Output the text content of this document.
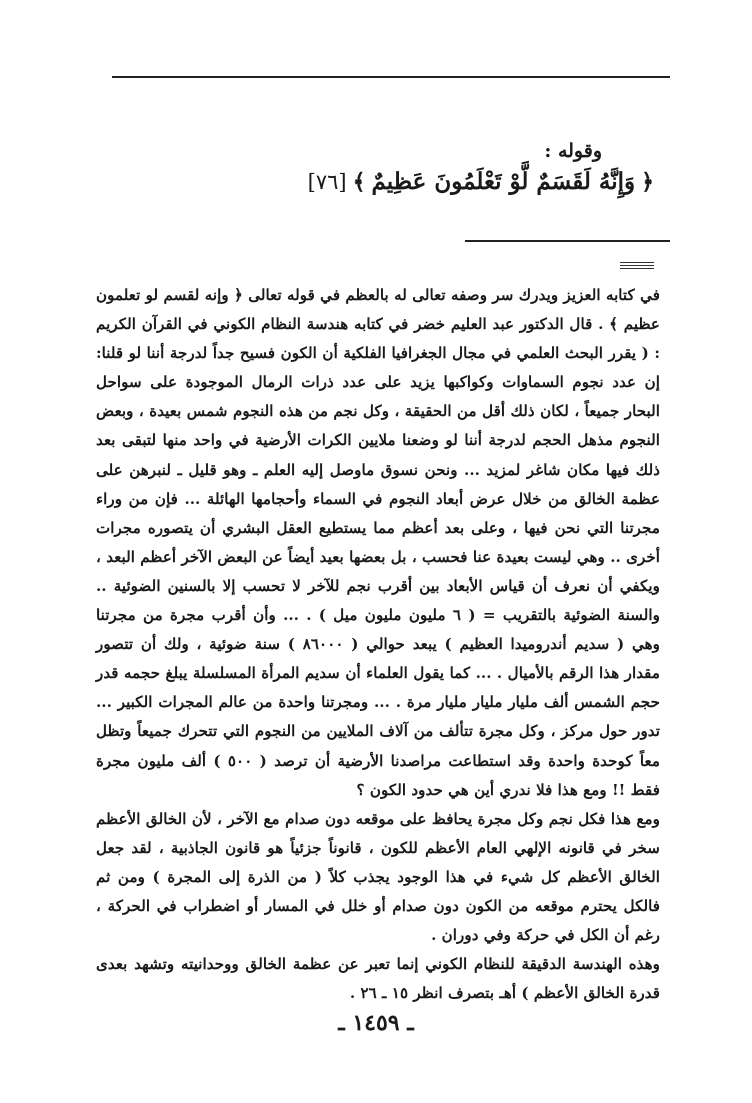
وقوله :
﴿
وَإِنَّهُ لَقَسَمٌ لَّوْ تَعْلَمُونَ عَظِيمٌ
﴾
[٧٦]

في كتابه العزيز ويدرك سر وصفه تعالى له بالعظم في قوله تعالى ﴿ وإنه لقسم لو تعلمون عظيم ﴾ . قال الدكتور عبد العليم خضر في كتابه هندسة النظام الكوني في القرآن الكريم : ( يقرر البحث العلمي في مجال الجغرافيا الفلكية أن الكون فسيح جداً لدرجة أننا لو قلنا: إن عدد نجوم السماوات وكواكبها يزيد على عدد ذرات الرمال الموجودة على سواحل البحار جميعاً ، لكان ذلك أقل من الحقيقة ، وكل نجم من هذه النجوم شمس بعيدة ، وبعض النجوم مذهل الحجم لدرجة أننا لو وضعنا ملايين الكرات الأرضية في واحد منها لتبقى بعد ذلك فيها مكان شاغر لمزيد ... ونحن نسوق ماوصل إليه العلم ـ وهو قليل ـ لنبرهن على عظمة الخالق من خلال عرض أبعاد النجوم في السماء وأحجامها الهائلة ... فإن من وراء مجرتنا التي نحن فيها ، وعلى بعد أعظم مما يستطيع العقل البشري أن يتصوره مجرات أخرى .. وهي ليست بعيدة عنا فحسب ، بل بعضها بعيد أيضاً عن البعض الآخر أعظم البعد ، ويكفي أن نعرف أن قياس الأبعاد بين أقرب نجم للآخر لا تحسب إلا بالسنين الضوئية .. والسنة الضوئية بالتقريب = ( ٦ مليون مليون ميل ) . ... وأن أقرب مجرة من مجرتنا وهي ( سديم أندروميدا العظيم ) يبعد حوالي ( ٨٦٠٠٠ ) سنة ضوئية ، ولك أن تتصور مقدار هذا الرقم بالأميال . ... كما يقول العلماء أن سديم المرأة المسلسلة يبلغ حجمه قدر حجم الشمس ألف مليار مليار مليار مرة . ... ومجرتنا واحدة من عالم المجرات الكبير ... تدور حول مركز ، وكل مجرة تتألف من آلاف الملايين من النجوم التي تتحرك جميعاً وتظل معاً كوحدة واحدة وقد استطاعت مراصدنا الأرضية أن ترصد ( ٥٠٠ ) ألف مليون مجرة فقط !! ومع هذا فلا ندري أين هي حدود الكون ؟

ومع هذا فكل نجم وكل مجرة يحافظ على موقعه دون صدام مع الآخر ، لأن الخالق الأعظم سخر في قانونه الإلهي العام الأعظم للكون ، قانوناً جزئياً هو قانون الجاذبية ، لقد جعل الخالق الأعظم كل شيء في هذا الوجود يجذب كلاً ( من الذرة إلى المجرة ) ومن ثم فالكل يحترم موقعه من الكون دون صدام أو خلل في المسار أو اضطراب في الحركة ، رغم أن الكل في حركة وفي دوران .

وهذه الهندسة الدقيقة للنظام الكوني إنما تعبر عن عظمة الخالق ووحدانيته وتشهد بعدى قدرة الخالق الأعظم ) أهـ بتصرف انظر ١٥ ـ ٢٦ .

ـ ١٤٥٩ ـ
